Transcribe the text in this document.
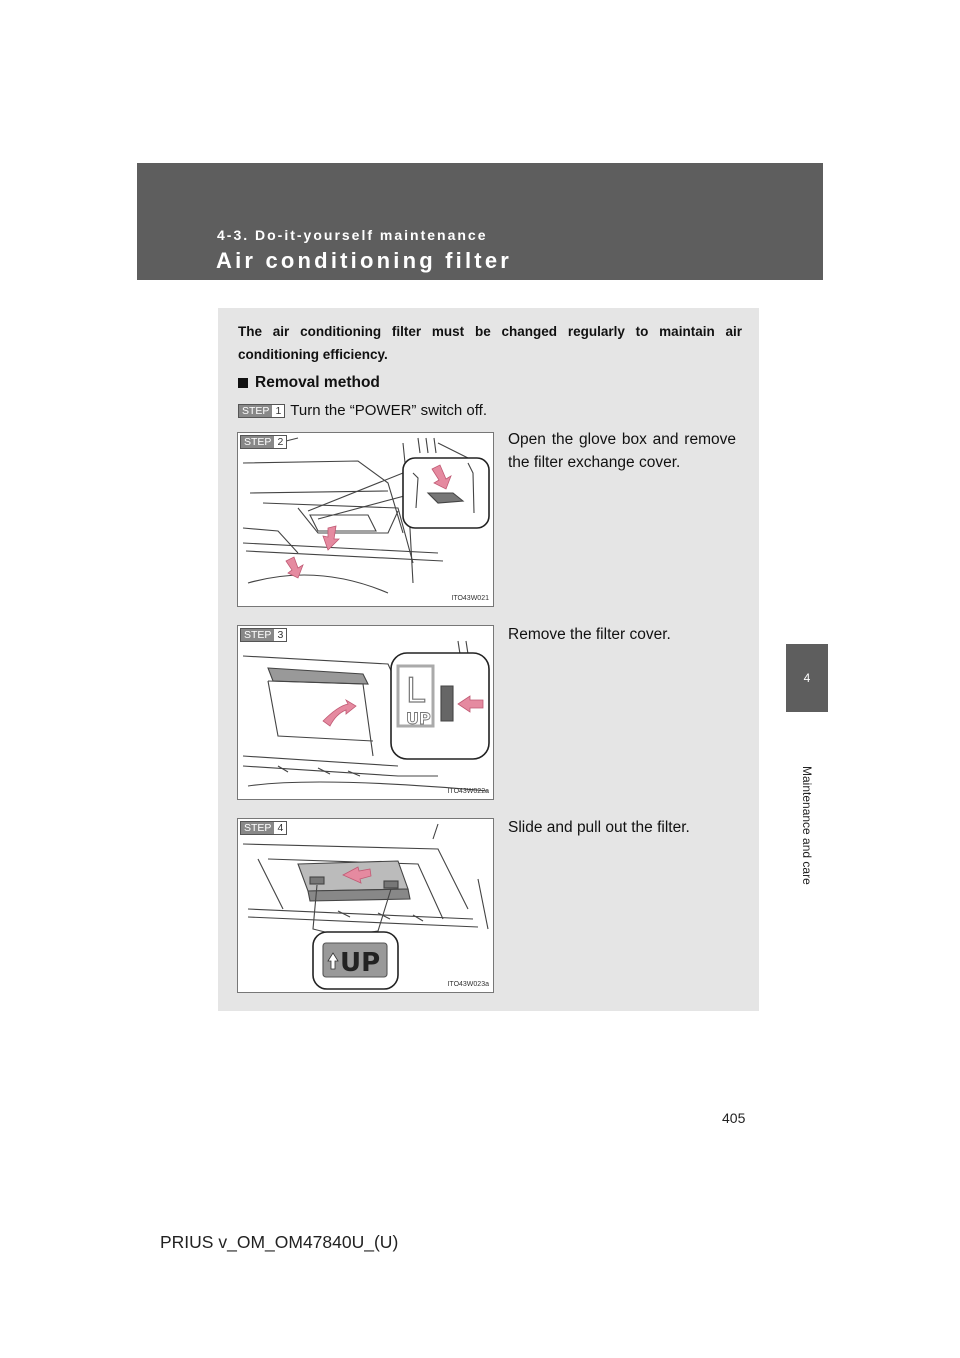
4-3. Do-it-yourself maintenance
Air conditioning filter
4
Maintenance and care
The air conditioning filter must be changed regularly to maintain air conditioning efficiency.
Removal method
STEP 1 Turn the “POWER” switch off.
STEP 2
ITO43W021
Open the glove box and remove the filter exchange cover.
STEP 3
L
UP
ITO43W022a
Remove the filter cover.
STEP 4
UP
ITO43W023a
Slide and pull out the filter.
405
PRIUS v_OM_OM47840U_(U)
